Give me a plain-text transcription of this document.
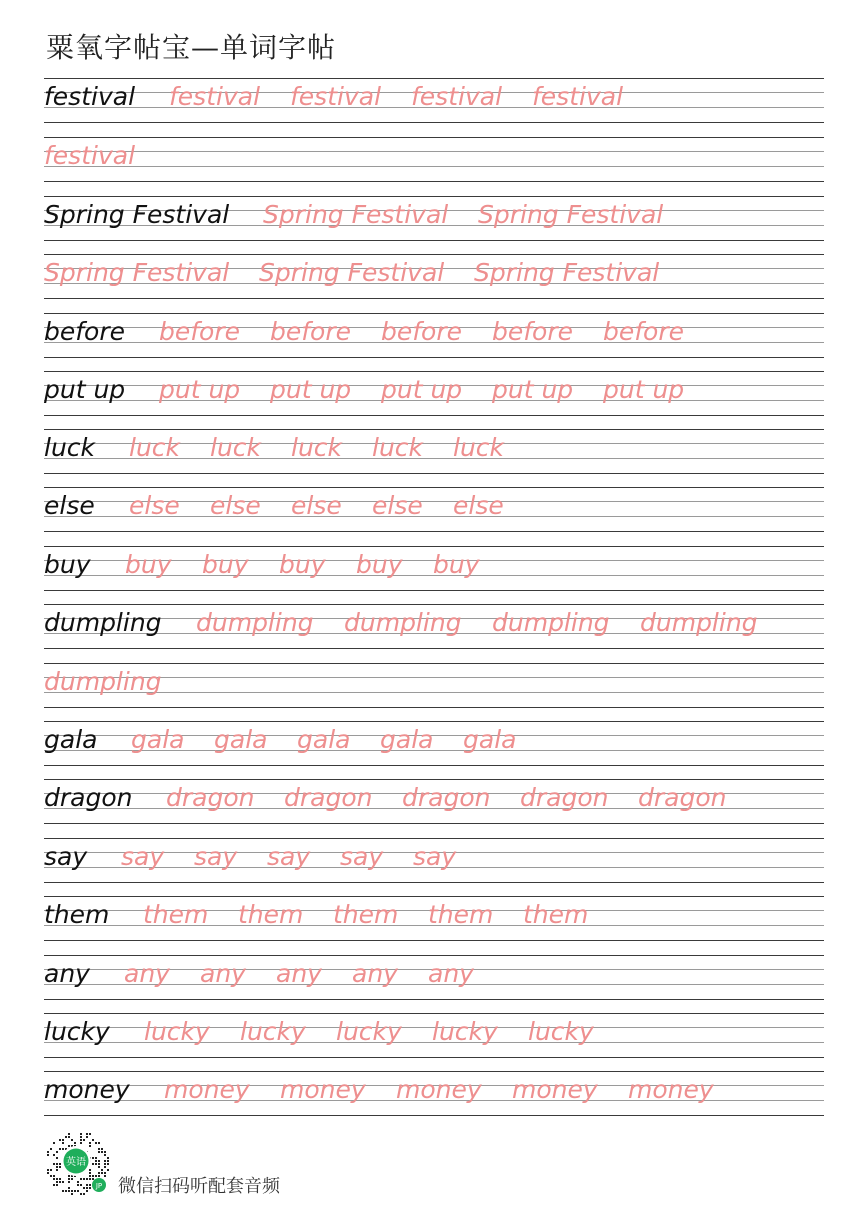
粟氧字帖宝—单词字帖
festival festival festival festival festival
festival
Spring Festival Spring Festival Spring Festival
Spring Festival Spring Festival Spring Festival
before before before before before before
put up put up put up put up put up put up
luck luck luck luck luck luck
else else else else else else
buy buy buy buy buy buy
dumpling dumpling dumpling dumpling dumpling
dumpling
gala gala gala gala gala gala
dragon dragon dragon dragon dragon dragon
say say say say say say
them them them them them them
any any any any any any
lucky lucky lucky lucky lucky lucky
money money money money money money
英语
JP 微信扫码听配套音频
